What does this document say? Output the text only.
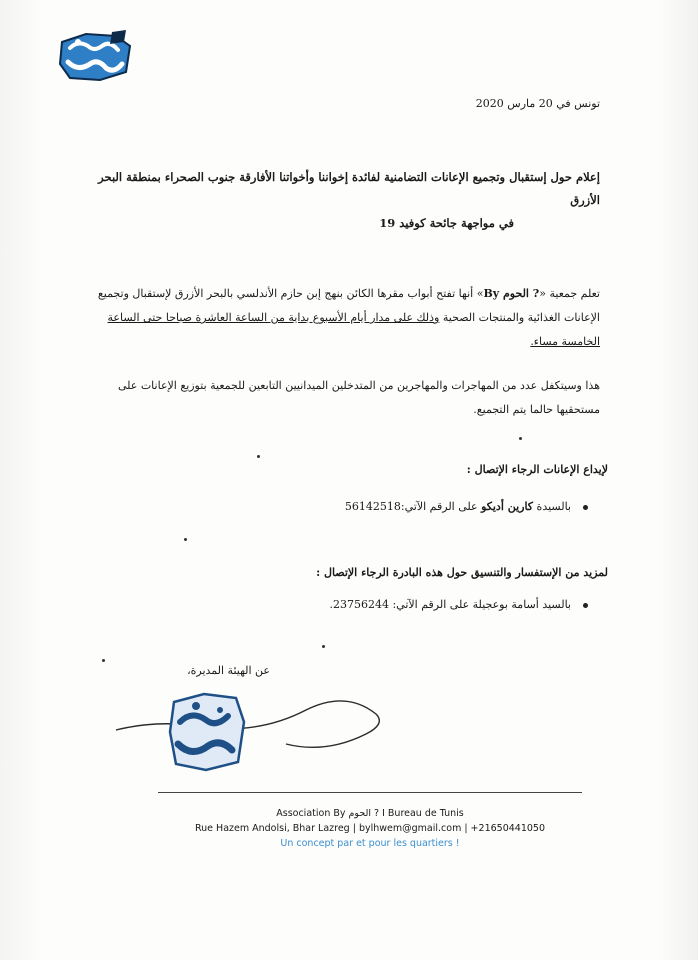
تونس في 20 مارس 2020
إعلام حول إستقبال وتجميع الإعانات التضامنية لفائدة إخواننا وأخواتنا الأفارقة جنوب الصحراء بمنطقة البحر الأزرق
في مواجهة جائحة كوفيد 19
تعلم جمعية «? الحوم By» أنها تفتح أبواب مقرها الكائن بنهج إبن حازم الأندلسي بالبحر الأزرق لإستقبال وتجميع الإعانات الغذائية والمنتجات الصحية وذلك على مدار أيام الأسبوع بداية من الساعة العاشرة صباحا حتى الساعة الخامسة مساء.
هذا وسيتكفل عدد من المهاجرات والمهاجرين من المتدخلين الميدانيين التابعين للجمعية بتوزيع الإعانات على مستحقيها حالما يتم التجميع.
لإيداع الإعانات الرجاء الإتصال :
بالسيدة كارين أديكو على الرقم الآتي:56142518
لمزيد من الإستفسار والتنسيق حول هذه البادرة الرجاء الإتصال :
بالسيد أسامة بوعجيلة على الرقم الآتي: 23756244.
عن الهيئة المديرة،
Association By الحوم ? I Bureau de Tunis
Rue Hazem Andolsi, Bhar Lazreg | bylhwem@gmail.com | +21650441050
Un concept par et pour les quartiers !
